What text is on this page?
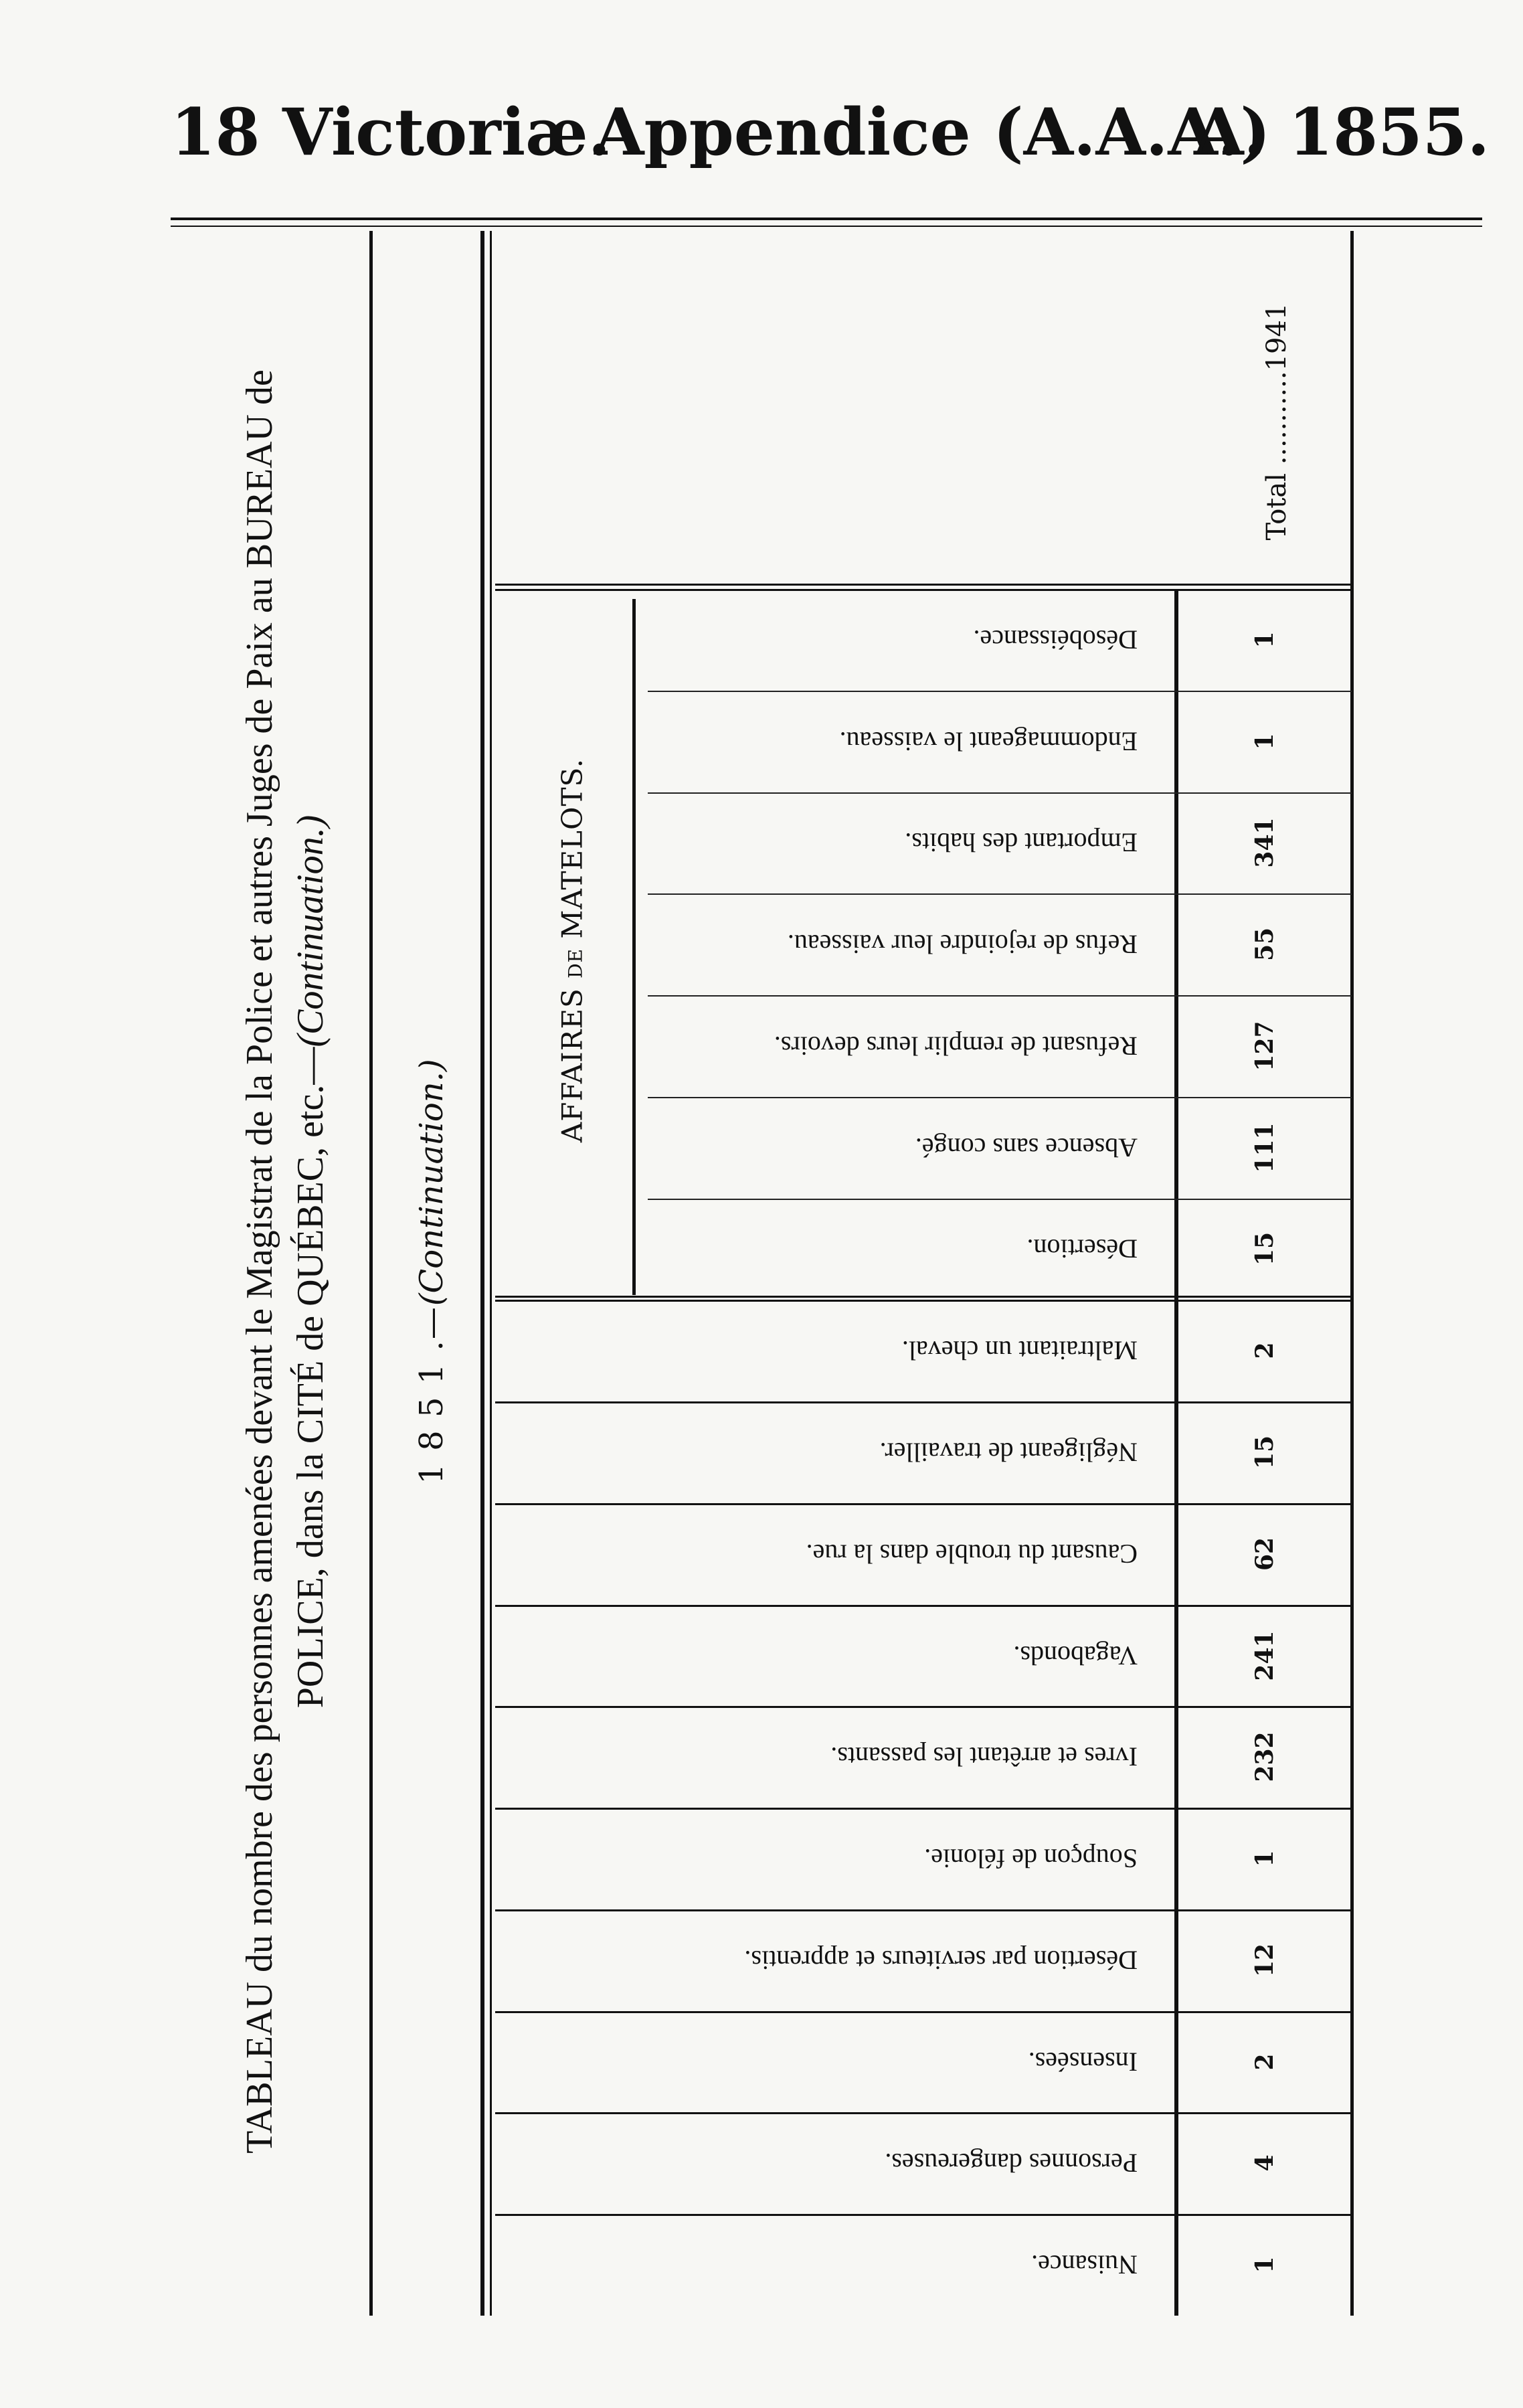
18 Victoriæ.
Appendice (A.A.A.)
A. 1855.
TABLEAU du nombre des personnes amenées devant le Magistrat de la Police et autres Juges de Paix au BUREAU de POLICE, dans la CITÉ de QUÉBEC, etc.—(Continuation.)
1 8 5 1 .—(Continuation.)	AFFAIRES DE MATELOTS.
Total ...........1941
Désobéissance.	1
Endommageant le vaisseau.	1
Emportant des habits.	341
Refus de rejoindre leur vaisseau.	55
Refusant de remplir leurs devoirs.	127
Absence sans congé.	111
Désertion.	15
Maltraitant un cheval.	2
Négligeant de travailler.	15
Causant du trouble dans la rue.	62
Vagabonds.	241
Ivres et arrêtant les passants.	232
Soupçon de félonie.	1
Désertion par serviteurs et apprentis.	12
Insensées.	2
Personnes dangereuses.	4
Nuisance.	1
